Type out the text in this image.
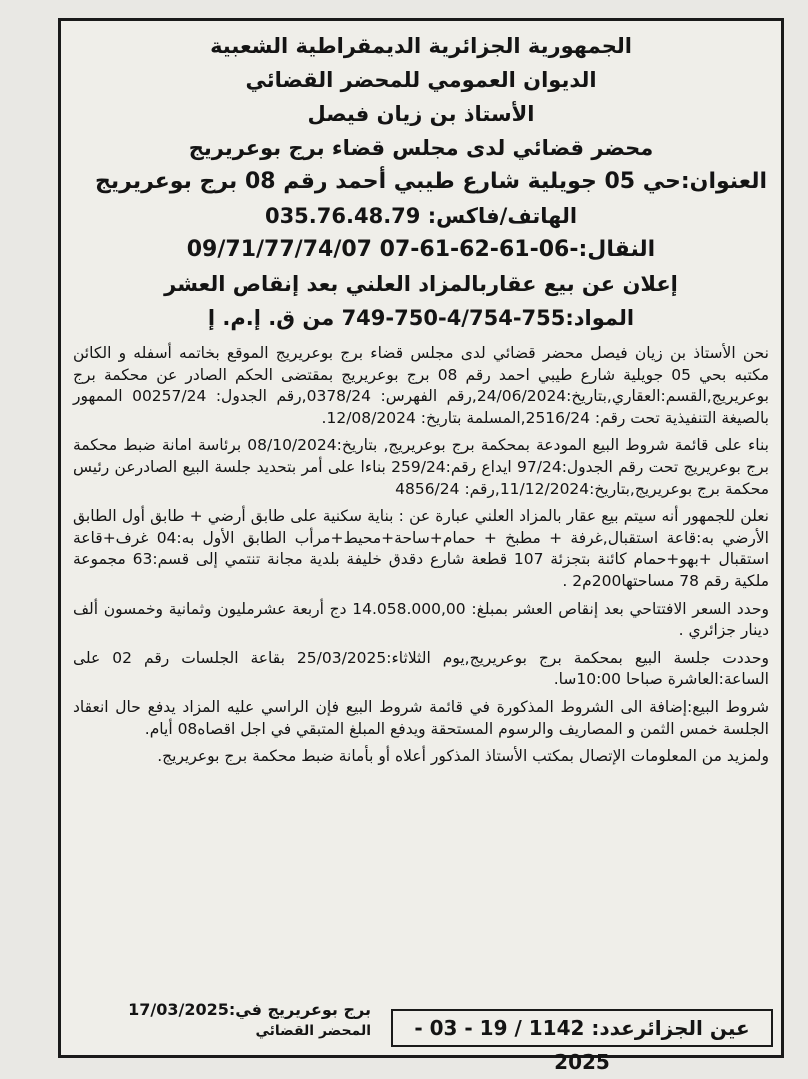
الجمهورية الجزائرية الديمقراطية الشعبية
الديوان العمومي للمحضر القضائي
الأستاذ بن زيان فيصل
محضر قضائي لدى مجلس قضاء برج بوعريريج
العنوان:حي 05 جويلية شارع طيبي أحمد رقم 08 برج بوعريريج
الهاتف/فاكس: 035.76.48.79
النقال:-06-61-62-61-07 09/71/77/74/07
إعلان عن بيع عقاربالمزاد العلني بعد إنقاص العشر
المواد:755-4/754-750-749 من ق. إ.م. إ

نحن الأستاذ بن زيان فيصل محضر قضائي لدى مجلس قضاء برج بوعريريج الموقع بخاتمه أسفله و الكائن مكتبه بحي 05 جويلية شارع طيبي احمد رقم 08 برج بوعريريج بمقتضى الحكم الصادر عن محكمة برج بوعريريج,القسم:العقاري,بتاريخ:24/06/2024,رقم الفهرس: 0378/24,رقم الجدول: 00257/24 الممهور بالصيغة التنفيذية تحت رقم: 2516/24,المسلمة بتاريخ: 12/08/2024.

بناء على قائمة شروط البيع المودعة بمحكمة برج بوعريريج, بتاريخ:08/10/2024 برئاسة امانة ضبط محكمة برج بوعريريج تحت رقم الجدول:97/24 ايداع رقم:259/24 بناءا على أمر بتحديد جلسة البيع الصادرعن رئيس محكمة برج بوعريريج,بتاريخ:11/12/2024,رقم: 4856/24

نعلن للجمهور أنه سيتم بيع عقار بالمزاد العلني عبارة عن : بناية سكنية على طابق أرضي + طابق أول الطابق الأرضي به:قاعة استقبال,غرفة + مطبخ + حمام+ساحة+محيط+مرأب الطابق الأول به:04 غرف+قاعة استقبال +بهو+حمام كائنة بتجزئة 107 قطعة شارع دقدق خليفة بلدية مجانة تنتمي إلى قسم:63 مجموعة ملكية رقم 78 مساحتها200م2 .

وحدد السعر الافتتاحي بعد إنقاص العشر بمبلغ: 14.058.000,00 دج أربعة عشرمليون وثمانية وخمسون ألف دينار جزائري .

وحددت جلسة البيع بمحكمة برج بوعريريج,يوم الثلاثاء:25/03/2025 بقاعة الجلسات رقم 02 على الساعة:العاشرة صباحا 10:00سا.

شروط البيع:إضافة الى الشروط المذكورة في قائمة شروط البيع فإن الراسي عليه المزاد يدفع حال انعقاد الجلسة خمس الثمن و المصاريف والرسوم المستحقة ويدفع المبلغ المتبقي في اجل اقصاه08 أيام.

ولمزيد من المعلومات الإتصال بمكتب الأستاذ المذكور أعلاه أو بأمانة ضبط محكمة برج بوعريريج.

برج بوعريريج في:17/03/2025
المحضر القضائي	عين الجزائرعدد: 1142 / 19 - 03 - 2025
